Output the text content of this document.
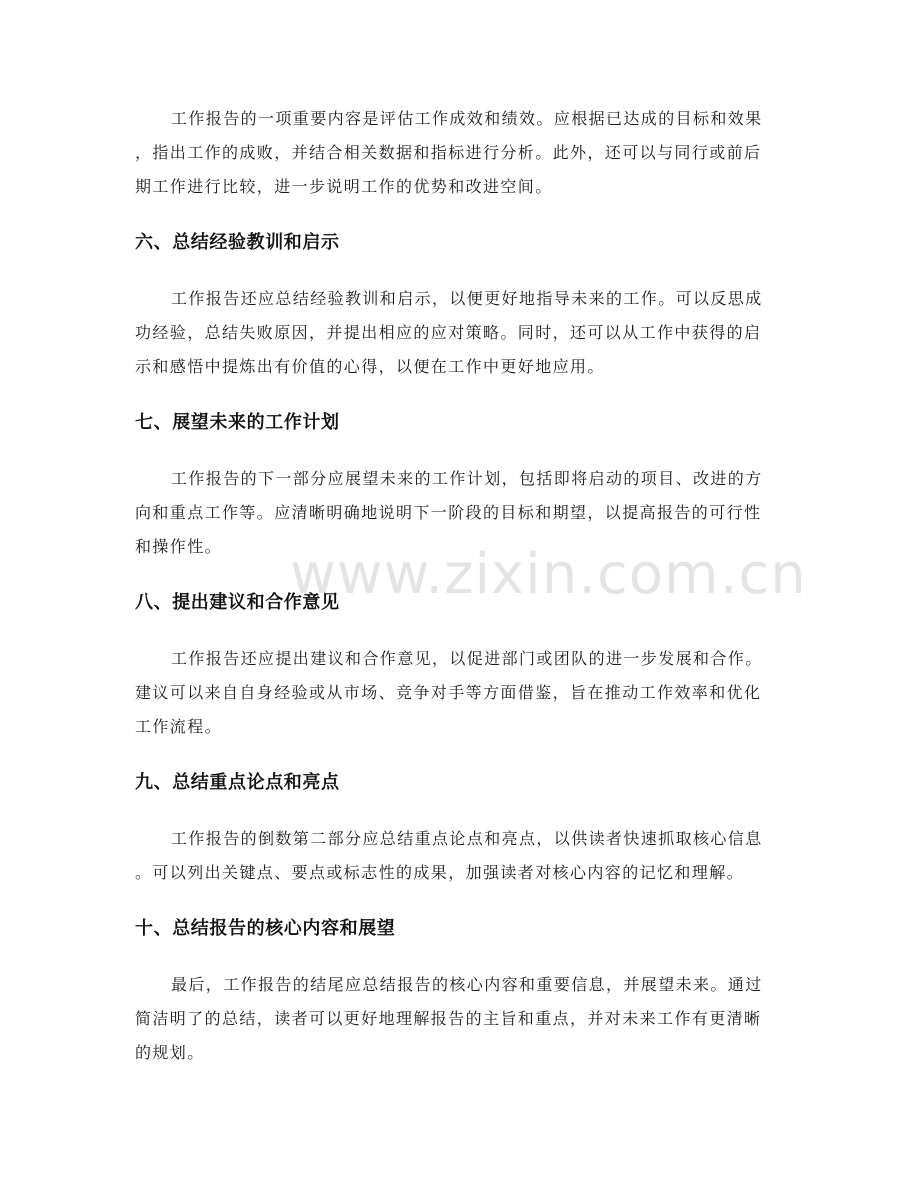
工作报告的一项重要内容是评估工作成效和绩效。应根据已达成的目标和效果
，指出工作的成败，并结合相关数据和指标进行分析。此外，还可以与同行或前后
期工作进行比较，进一步说明工作的优势和改进空间。

六、总结经验教训和启示

工作报告还应总结经验教训和启示，以便更好地指导未来的工作。可以反思成
功经验，总结失败原因，并提出相应的应对策略。同时，还可以从工作中获得的启
示和感悟中提炼出有价值的心得，以便在工作中更好地应用。

七、展望未来的工作计划

工作报告的下一部分应展望未来的工作计划，包括即将启动的项目、改进的方
向和重点工作等。应清晰明确地说明下一阶段的目标和期望，以提高报告的可行性
和操作性。

八、提出建议和合作意见

工作报告还应提出建议和合作意见，以促进部门或团队的进一步发展和合作。
建议可以来自自身经验或从市场、竞争对手等方面借鉴，旨在推动工作效率和优化
工作流程。

九、总结重点论点和亮点

工作报告的倒数第二部分应总结重点论点和亮点，以供读者快速抓取核心信息
。可以列出关键点、要点或标志性的成果，加强读者对核心内容的记忆和理解。

十、总结报告的核心内容和展望

最后，工作报告的结尾应总结报告的核心内容和重要信息，并展望未来。通过
简洁明了的总结，读者可以更好地理解报告的主旨和重点，并对未来工作有更清晰
的规划。

www.zixin.com.cn
